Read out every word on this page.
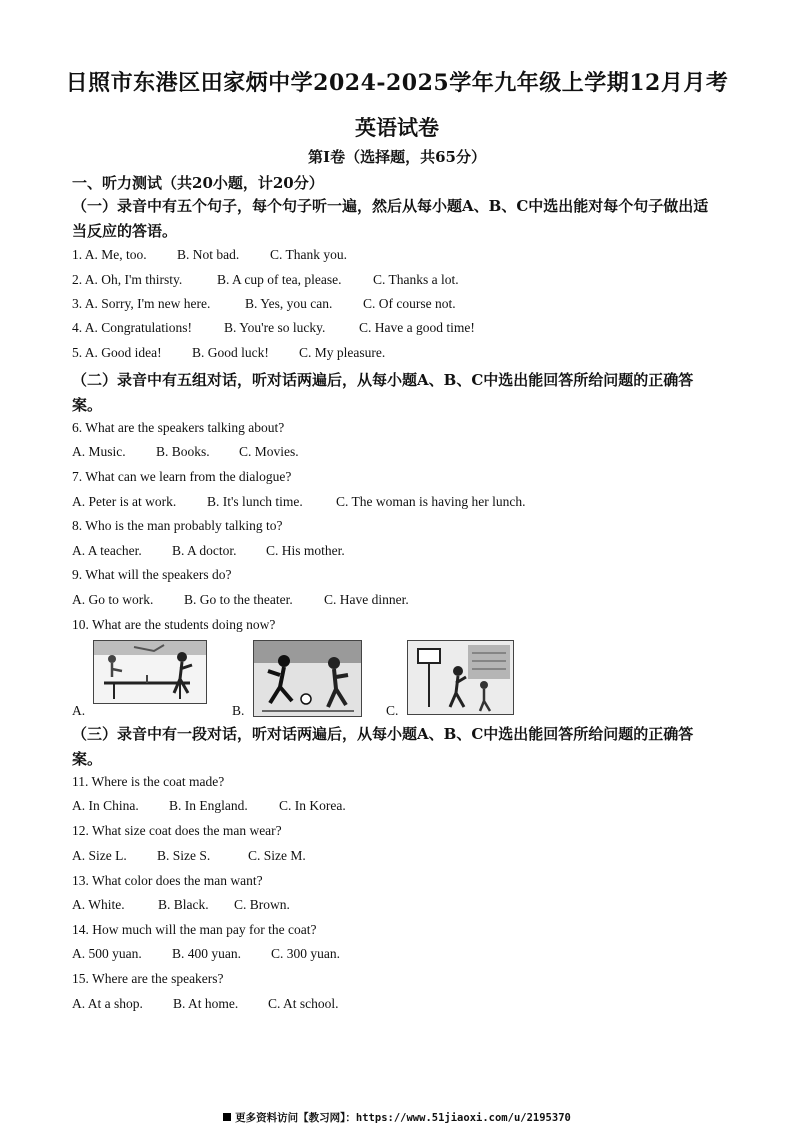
日照市东港区田家炳中学2024-2025学年九年级上学期12月月考
英语试卷
第Ⅰ卷（选择题，共65分）
一、听力测试（共20小题，计20分）
（一）录音中有五个句子，每个句子听一遍，然后从每小题A、B、C中选出能对每个句子做出适当反应的答语。
1. A. Me, too. B. Not bad. C. Thank you.
2. A. Oh, I'm thirsty.	B. A cup of tea, please. C. Thanks a lot.
3. A. Sorry, I'm new here.	B. Yes, you can. C. Of course not.
4. A. Congratulations! B. You're so lucky. C. Have a good time!
5. A. Good idea! B. Good luck! C. My pleasure.
（二）录音中有五组对话，听对话两遍后，从每小题A、B、C中选出能回答所给问题的正确答案。
6. What are the speakers talking about?
A. Music. B. Books. C. Movies.
7. What can we learn from the dialogue?
A. Peter is at work. B. It's lunch time. C. The woman is having her lunch.
8. Who is the man probably talking to?
A. A teacher. B. A doctor. C. His mother.
9. What will the speakers do?
A. Go to work. B. Go to the theater. C. Have dinner.
10. What are the students doing now?
A.	B.	C.
（三）录音中有一段对话，听对话两遍后，从每小题A、B、C中选出能回答所给问题的正确答案。
11. Where is the coat made?
A. In China. B. In England. C. In Korea.
12. What size coat does the man wear?
A. Size L. B. Size S.	C. Size M.
13. What color does the man want?
A. White. B. Black. C. Brown.
14. How much will the man pay for the coat?
A. 500 yuan. B. 400 yuan. C. 300 yuan.
15. Where are the speakers?
A. At a shop. B. At home. C. At school.
更多资料访问【教习网】：https://www.51jiaoxi.com/u/2195370
